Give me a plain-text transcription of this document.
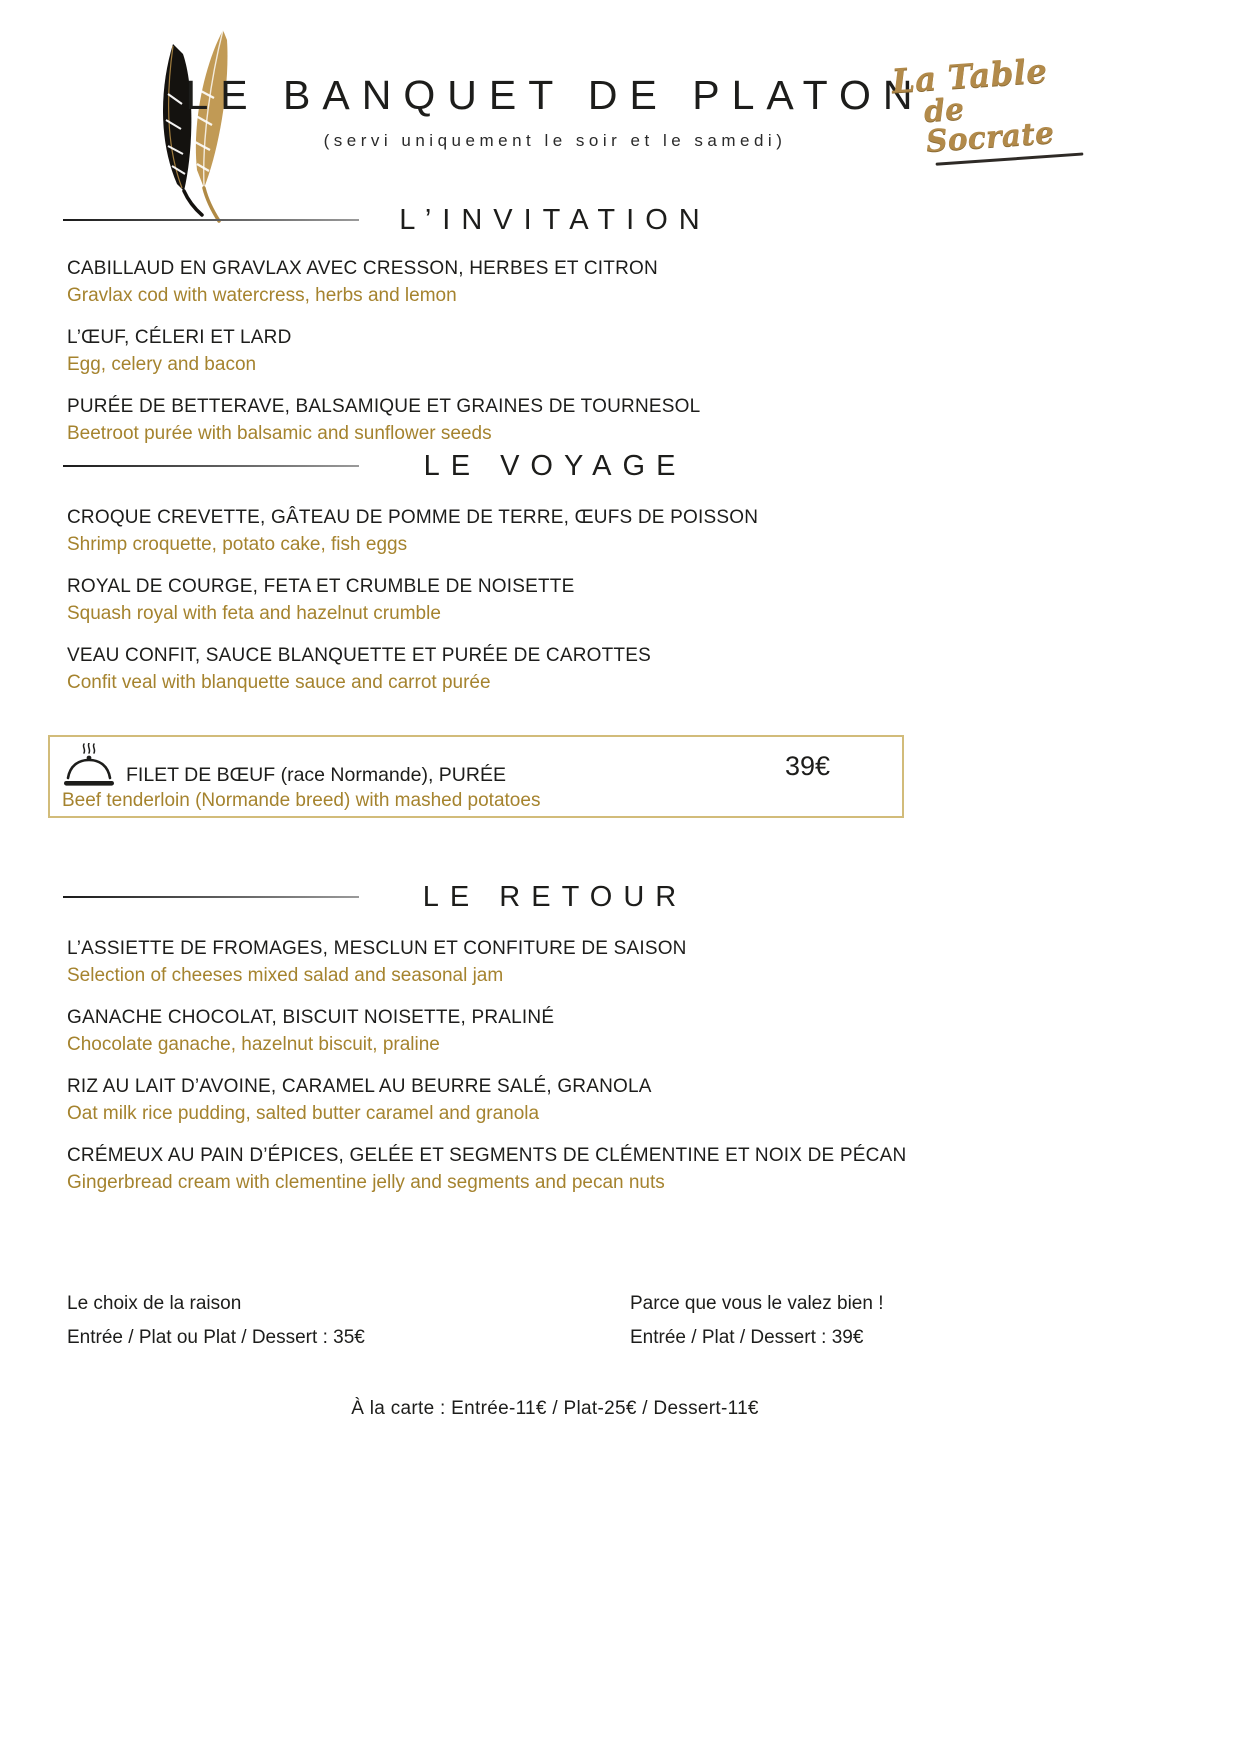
LE BANQUET DE PLATON
(servi uniquement le soir et le samedi)
La Table
de Socrate
L’INVITATION
CABILLAUD EN GRAVLAX AVEC CRESSON, HERBES ET CITRON
Gravlax cod with watercress, herbs and lemon
L’ŒUF, CÉLERI ET LARD
Egg, celery and bacon
PURÉE DE BETTERAVE, BALSAMIQUE ET GRAINES DE TOURNESOL
Beetroot purée with balsamic and sunflower seeds
LE VOYAGE
CROQUE CREVETTE, GÂTEAU DE POMME DE TERRE, ŒUFS DE POISSON
Shrimp croquette, potato cake, fish eggs
ROYAL DE COURGE, FETA ET CRUMBLE DE NOISETTE
Squash royal with feta and hazelnut crumble
VEAU CONFIT, SAUCE BLANQUETTE ET PURÉE DE CAROTTES
Confit veal with blanquette sauce and carrot purée
FILET DE BŒUF (race Normande), PURÉE	39€
Beef tenderloin (Normande breed) with mashed potatoes
LE RETOUR
L’ASSIETTE DE FROMAGES, MESCLUN ET CONFITURE DE SAISON
Selection of cheeses mixed salad and seasonal jam
GANACHE CHOCOLAT, BISCUIT NOISETTE, PRALINÉ
Chocolate ganache, hazelnut biscuit, praline
RIZ AU LAIT D’AVOINE, CARAMEL AU BEURRE SALÉ, GRANOLA
Oat milk rice pudding, salted butter caramel and granola
CRÉMEUX AU PAIN D’ÉPICES, GELÉE ET SEGMENTS DE CLÉMENTINE ET NOIX DE PÉCAN
Gingerbread cream with clementine jelly and segments and pecan nuts
Le choix de la raison
Entrée / Plat ou Plat / Dessert : 35€
Parce que vous le valez bien !
Entrée / Plat / Dessert : 39€
À la carte : Entrée-11€ / Plat-25€ / Dessert-11€
